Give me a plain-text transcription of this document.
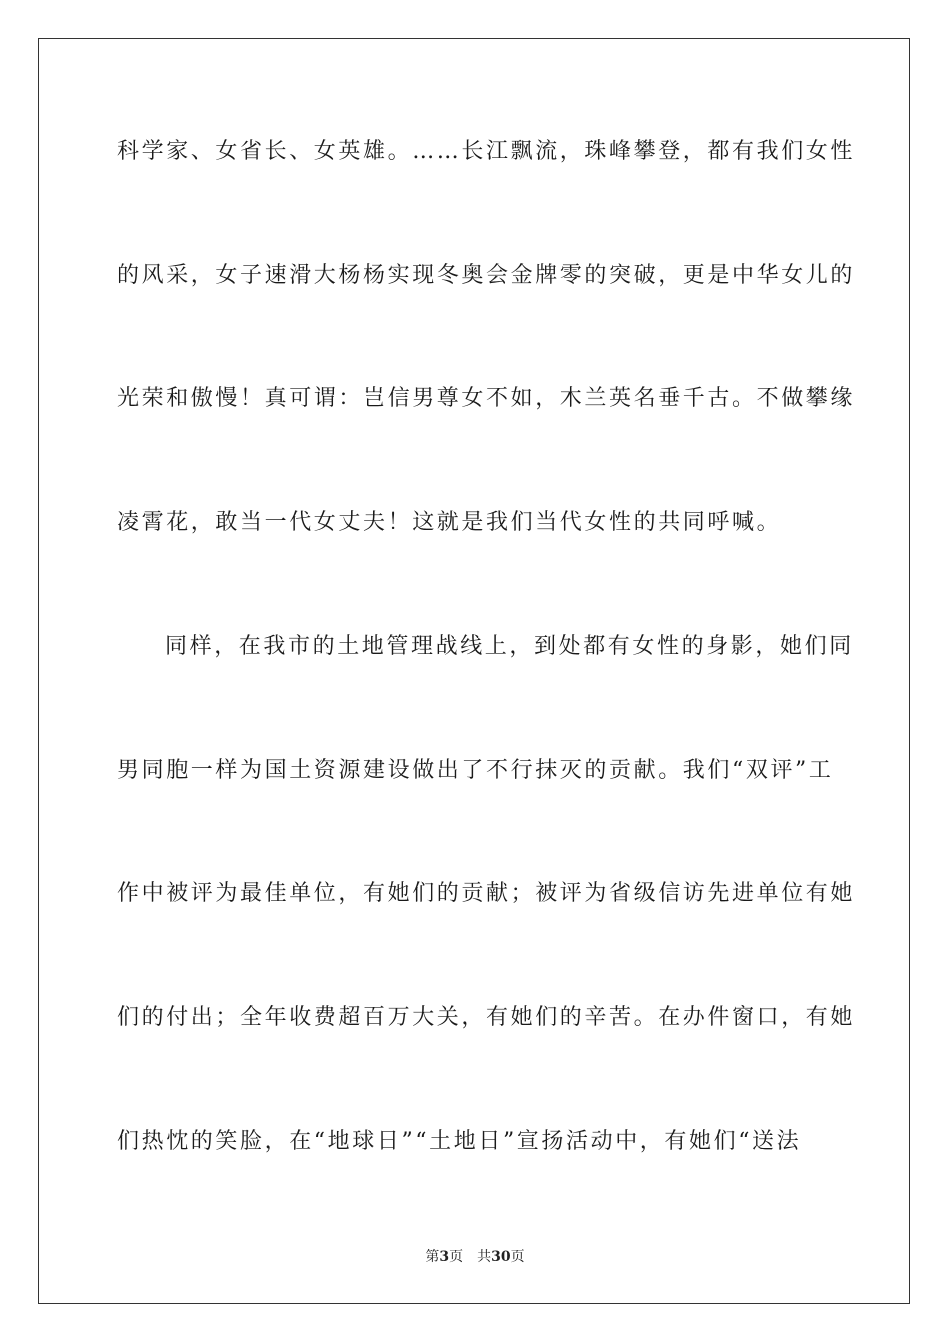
科学家、女省长、女英雄。……长江飘流，珠峰攀登，都有我们女性
的风采，女子速滑大杨杨实现冬奥会金牌零的突破，更是中华女儿的
光荣和傲慢！真可谓：岂信男尊女不如，木兰英名垂千古。不做攀缘
凌霄花，敢当一代女丈夫！这就是我们当代女性的共同呼喊。
同样，在我市的土地管理战线上，到处都有女性的身影，她们同
男同胞一样为国土资源建设做出了不行抹灭的贡献。我们“双评”工
作中被评为最佳单位，有她们的贡献；被评为省级信访先进单位有她
们的付出；全年收费超百万大关，有她们的辛苦。在办件窗口，有她
们热忱的笑脸，在“地球日”“土地日”宣扬活动中，有她们“送法
第3页 共30页
